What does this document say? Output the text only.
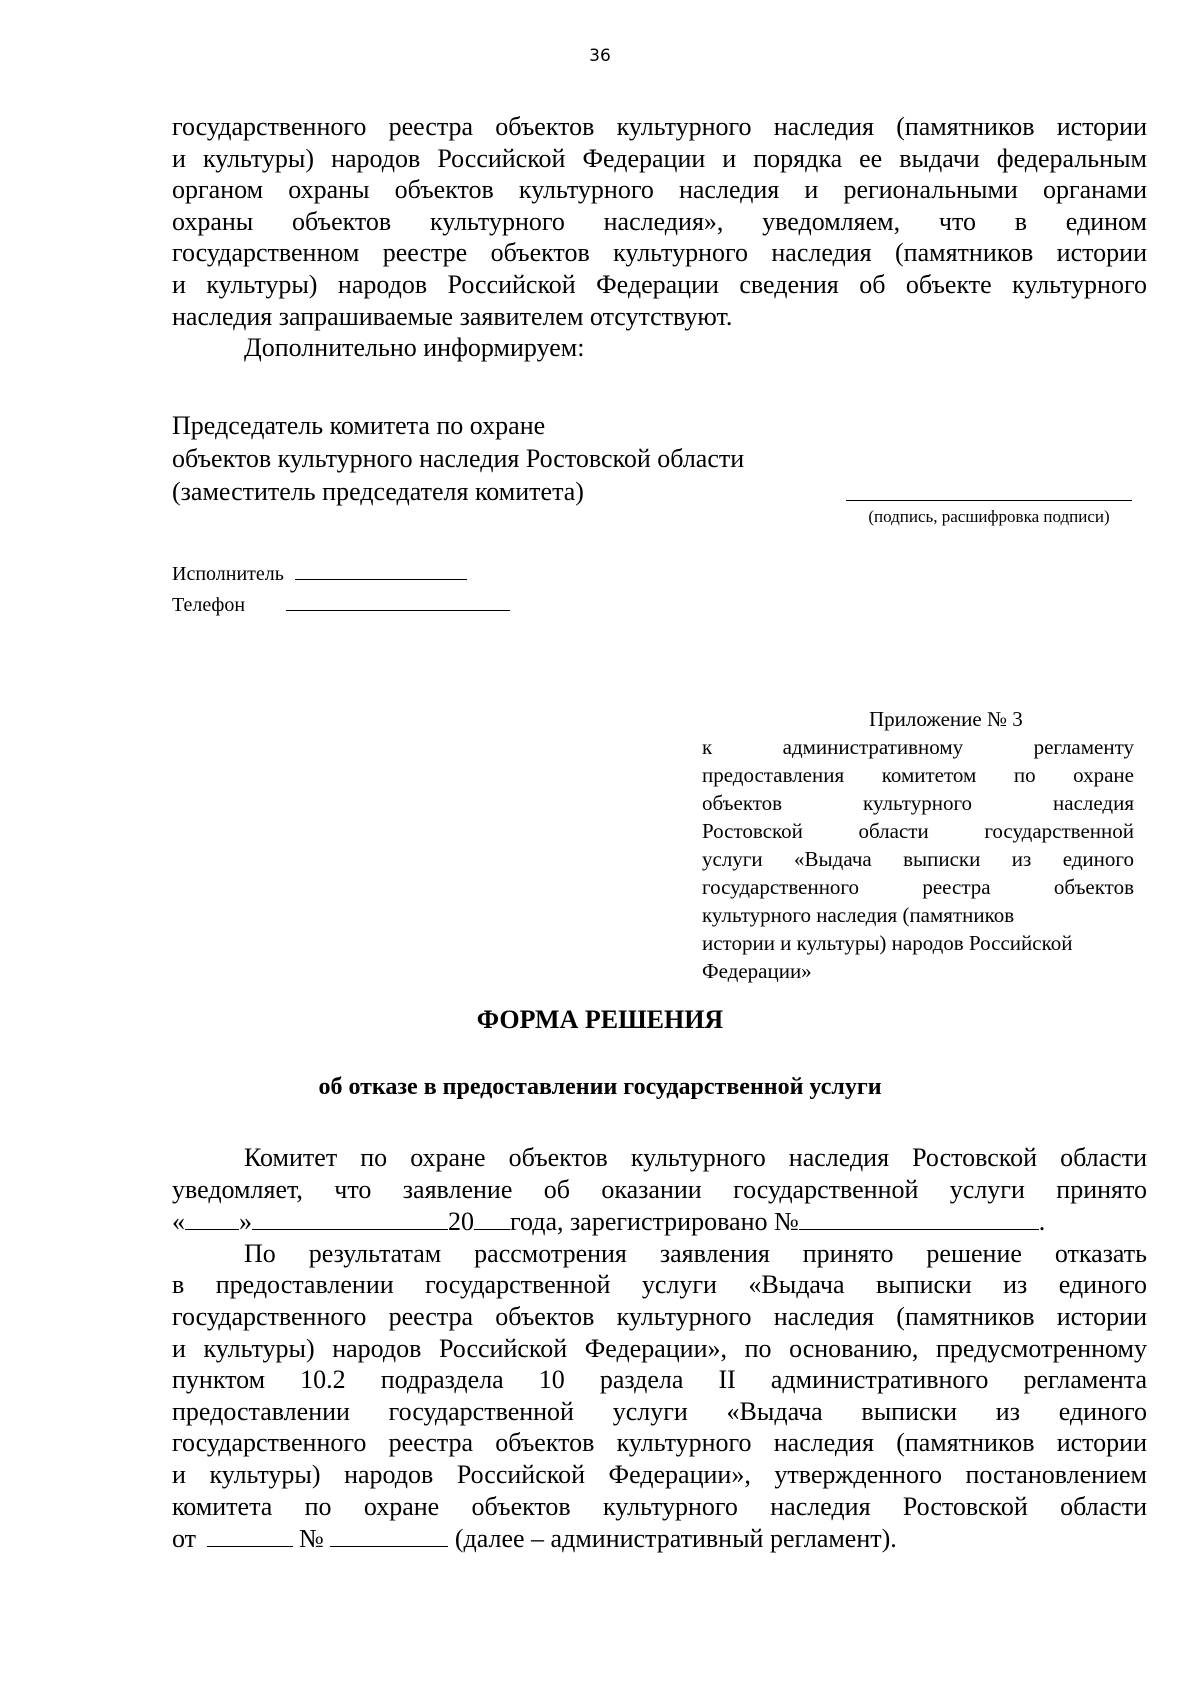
36
государственного реестра объектов культурного наследия (памятников истории
и культуры) народов Российской Федерации и порядка ее выдачи федеральным
органом охраны объектов культурного наследия и региональными органами
охраны объектов культурного наследия», уведомляем, что в едином
государственном реестре объектов культурного наследия (памятников истории
и культуры) народов Российской Федерации сведения об объекте культурного
наследия запрашиваемые заявителем отсутствуют.
Дополнительно информируем:
Председатель комитета по охране
объектов культурного наследия Ростовской области
(заместитель председателя комитета)
(подпись, расшифровка подписи)
Исполнитель
Телефон
Приложение № 3
к административному регламенту
предоставления комитетом по охране
объектов культурного наследия
Ростовской области государственной
услуги «Выдача выписки из единого
государственного реестра объектов
культурного наследия (памятников
истории и культуры) народов Российской
Федерации»
ФОРМА РЕШЕНИЯ
об отказе в предоставлении государственной услуги
Комитет по охране объектов культурного наследия Ростовской области
уведомляет, что заявление об оказании государственной услуги принято
« »	20 года, зарегистрировано №	.
По результатам рассмотрения заявления принято решение отказать
в предоставлении государственной услуги «Выдача выписки из единого
государственного реестра объектов культурного наследия (памятников истории
и культуры) народов Российской Федерации», по основанию, предусмотренному
пунктом 10.2 подраздела 10 раздела II административного регламента
предоставлении государственной услуги «Выдача выписки из единого
государственного реестра объектов культурного наследия (памятников истории
и культуры) народов Российской Федерации», утвержденного постановлением
комитета по охране объектов культурного наследия Ростовской области
от	№	(далее – административный регламент).
